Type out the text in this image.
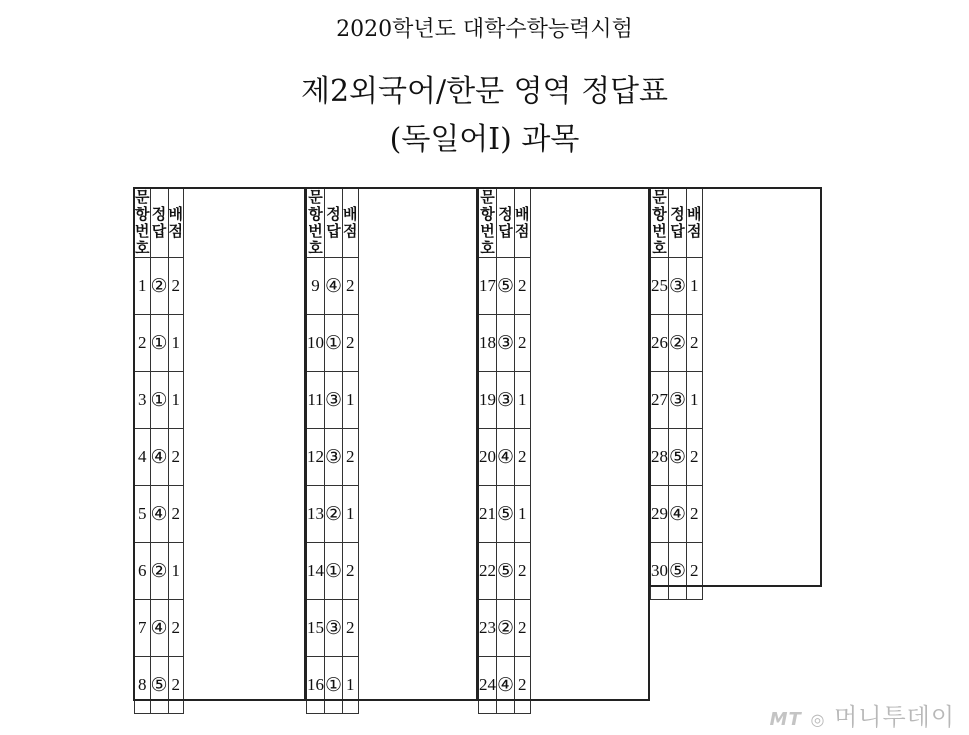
2020학년도 대학수학능력시험
제2외국어/한문 영역 정답표
(독일어Ⅰ) 과목
문항
번호	정 답	배 점
1	②	2
2	①	1
3	①	1
4	④	2
5	④	2
6	②	1
7	④	2
8	⑤	2
문항
번호	정 답	배 점
9	④	2
10	①	2
11	③	1
12	③	2
13	②	1
14	①	2
15	③	2
16	①	1
문항
번호	정 답	배 점
17	⑤	2
18	③	2
19	③	1
20	④	2
21	⑤	1
22	⑤	2
23	②	2
24	④	2
문항
번호	정 답	배 점
25	③	1
26	②	2
27	③	1
28	⑤	2
29	④	2
30	⑤	2
MT ◎ 머니투데이
